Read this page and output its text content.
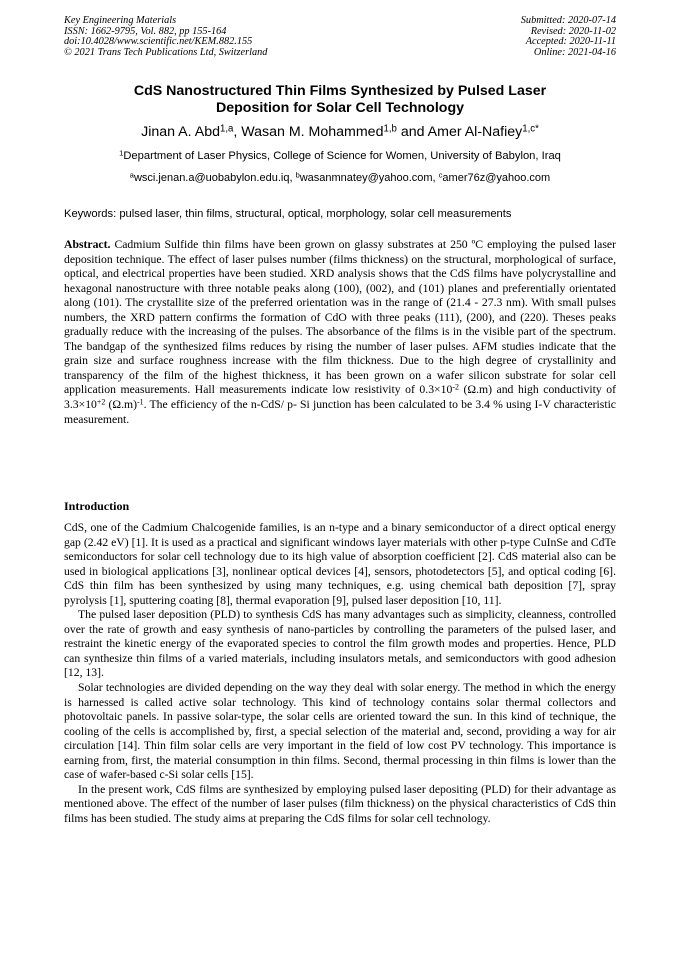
Key Engineering Materials
ISSN: 1662-9795, Vol. 882, pp 155-164
doi:10.4028/www.scientific.net/KEM.882.155
© 2021 Trans Tech Publications Ltd, Switzerland
Submitted: 2020-07-14
Revised: 2020-11-02
Accepted: 2020-11-11
Online: 2021-04-16
CdS Nanostructured Thin Films Synthesized by Pulsed Laser
Deposition for Solar Cell Technology
Jinan A. Abd$^{1,a}$, Wasan M. Mohammed$^{1,b}$ and Amer Al-Nafiey$^{1,c*}$
$^1$Department of Laser Physics, College of Science for Women, University of Babylon, Iraq
$^a$wsci.jenan.a@uobabylon.edu.iq, $^b$wasanmnatey@yahoo.com, $^c$amer76z@yahoo.com
Keywords: pulsed laser, thin films, structural, optical, morphology, solar cell measurements
Abstract. Cadmium Sulfide thin films have been grown on glassy substrates at 250 ºC employing the pulsed laser deposition technique. The effect of laser pulses number (films thickness) on the structural, morphological of surface, optical, and electrical properties have been studied. XRD analysis shows that the CdS films have polycrystalline and hexagonal nanostructure with three notable peaks along (100), (002), and (101) planes and preferentially orientated along (101). The crystallite size of the preferred orientation was in the range of (21.4 - 27.3 nm). With small pulses numbers, the XRD pattern confirms the formation of CdO with three peaks (111), (200), and (220). Theses peaks gradually reduce with the increasing of the pulses. The absorbance of the films is in the visible part of the spectrum. The bandgap of the synthesized films reduces by rising the number of laser pulses. AFM studies indicate that the grain size and surface roughness increase with the film thickness. Due to the high degree of crystallinity and transparency of the film of the highest thickness, it has been grown on a wafer silicon substrate for solar cell application measurements. Hall measurements indicate low resistivity of $0.3\times 10^{-2}$ (Ω.m) and high conductivity of $3.3\times 10^{+2}$ $(\Omega.m)^{-1}$. The efficiency of the n-CdS/ p- Si junction has been calculated to be 3.4 % using I-V characteristic measurement.
Introduction

CdS, one of the Cadmium Chalcogenide families, is an n-type and a binary semiconductor of a direct optical energy gap (2.42 eV) [1]. It is used as a practical and significant windows layer materials with other p-type CuInSe and CdTe semiconductors for solar cell technology due to its high value of absorption coefficient [2]. CdS material also can be used in biological applications [3], nonlinear optical devices [4], sensors, photodetectors [5], and optical coding [6]. CdS thin film has been synthesized by using many techniques, e.g. using chemical bath deposition [7], spray pyrolysis [1], sputtering coating [8], thermal evaporation [9], pulsed laser deposition [10, 11].

The pulsed laser deposition (PLD) to synthesis CdS has many advantages such as simplicity, cleanness, controlled over the rate of growth and easy synthesis of nano-particles by controlling the parameters of the pulsed laser, and restraint the kinetic energy of the evaporated species to control the film growth modes and properties. Hence, PLD can synthesize thin films of a varied materials, including insulators metals, and semiconductors with good adhesion [12, 13].

Solar technologies are divided depending on the way they deal with solar energy. The method in which the energy is harnessed is called active solar technology. This kind of technology contains solar thermal collectors and photovoltaic panels. In passive solar-type, the solar cells are oriented toward the sun. In this kind of technique, the cooling of the cells is accomplished by, first, a special selection of the material and, second, providing a way for air circulation [14]. Thin film solar cells are very important in the field of low cost PV technology. This importance is earning from, first, the material consumption in thin films. Second, thermal processing in thin films is lower than the case of wafer-based c-Si solar cells [15].

In the present work, CdS films are synthesized by employing pulsed laser depositing (PLD) for their advantage as mentioned above. The effect of the number of laser pulses (film thickness) on the physical characteristics of CdS thin films has been studied. The study aims at preparing the CdS films for solar cell technology.
